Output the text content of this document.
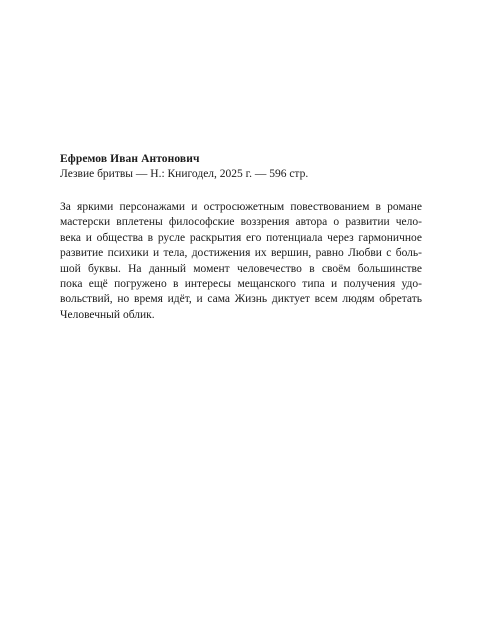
Ефремов Иван Антонович

Лезвие бритвы — Н.: Книгодел, 2025 г. — 596 стр.

За яркими персонажами и остросюжетным повествованием в романе
мастерски вплетены философские воззрения автора о развитии чело-
века и общества в русле раскрытия его потенциала через гармоничное
развитие психики и тела, достижения их вершин, равно Любви с боль-
шой буквы. На данный момент человечество в своём большинстве
пока ещё погружено в интересы мещанского типа и получения удо-
вольствий, но время идёт, и сама Жизнь диктует всем людям обретать
Человечный облик.
